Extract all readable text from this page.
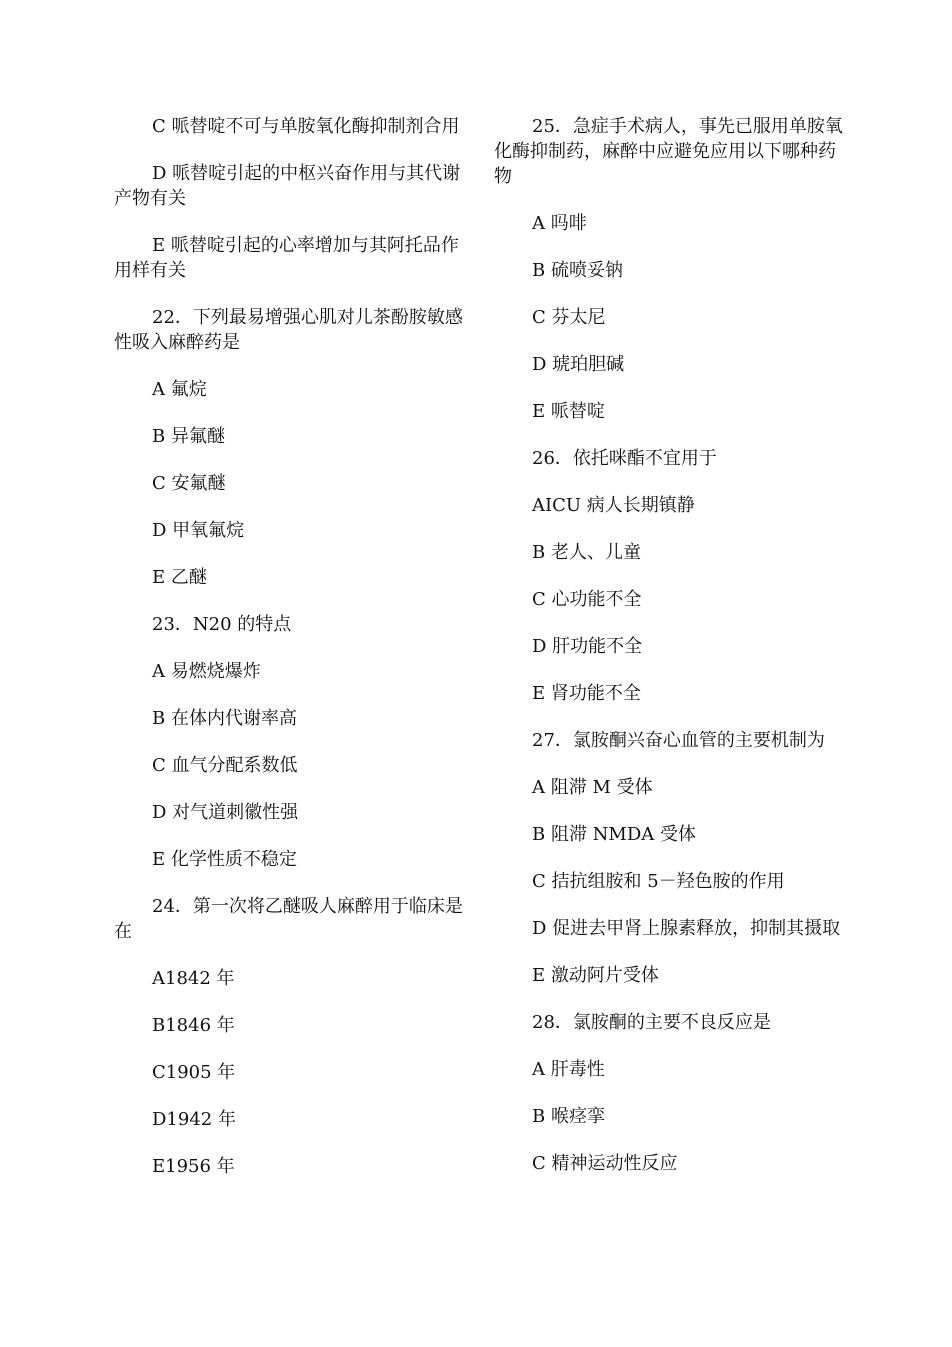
C 哌替啶不可与单胺氧化酶抑制剂合用

D 哌替啶引起的中枢兴奋作用与其代谢产物有关

E 哌替啶引起的心率增加与其阿托品作用样有关

22．下列最易增强心肌对儿茶酚胺敏感性吸入麻醉药是

A 氟烷

B 异氟醚

C 安氟醚

D 甲氧氟烷

E 乙醚

23．N20 的特点

A 易燃烧爆炸

B 在体内代谢率高

C 血气分配系数低

D 对气道刺徽性强

E 化学性质不稳定

24．第一次将乙醚吸人麻醉用于临床是在

A1842 年

B1846 年

C1905 年

D1942 年

E1956 年

25．急症手术病人，事先已服用单胺氧化酶抑制药，麻醉中应避免应用以下哪种药物

A 吗啡

B 硫喷妥钠

C 芬太尼

D 琥珀胆碱

E 哌替啶

26．依托咪酯不宜用于

AICU 病人长期镇静

B 老人、儿童

C 心功能不全

D 肝功能不全

E 肾功能不全

27．氯胺酮兴奋心血管的主要机制为

A 阻滞 M 受体

B 阻滞 NMDA 受体

C 拮抗组胺和 5－羟色胺的作用

D 促进去甲肾上腺素释放，抑制其摄取

E 激动阿片受体

28．氯胺酮的主要不良反应是

A 肝毒性

B 喉痉挛

C 精神运动性反应
